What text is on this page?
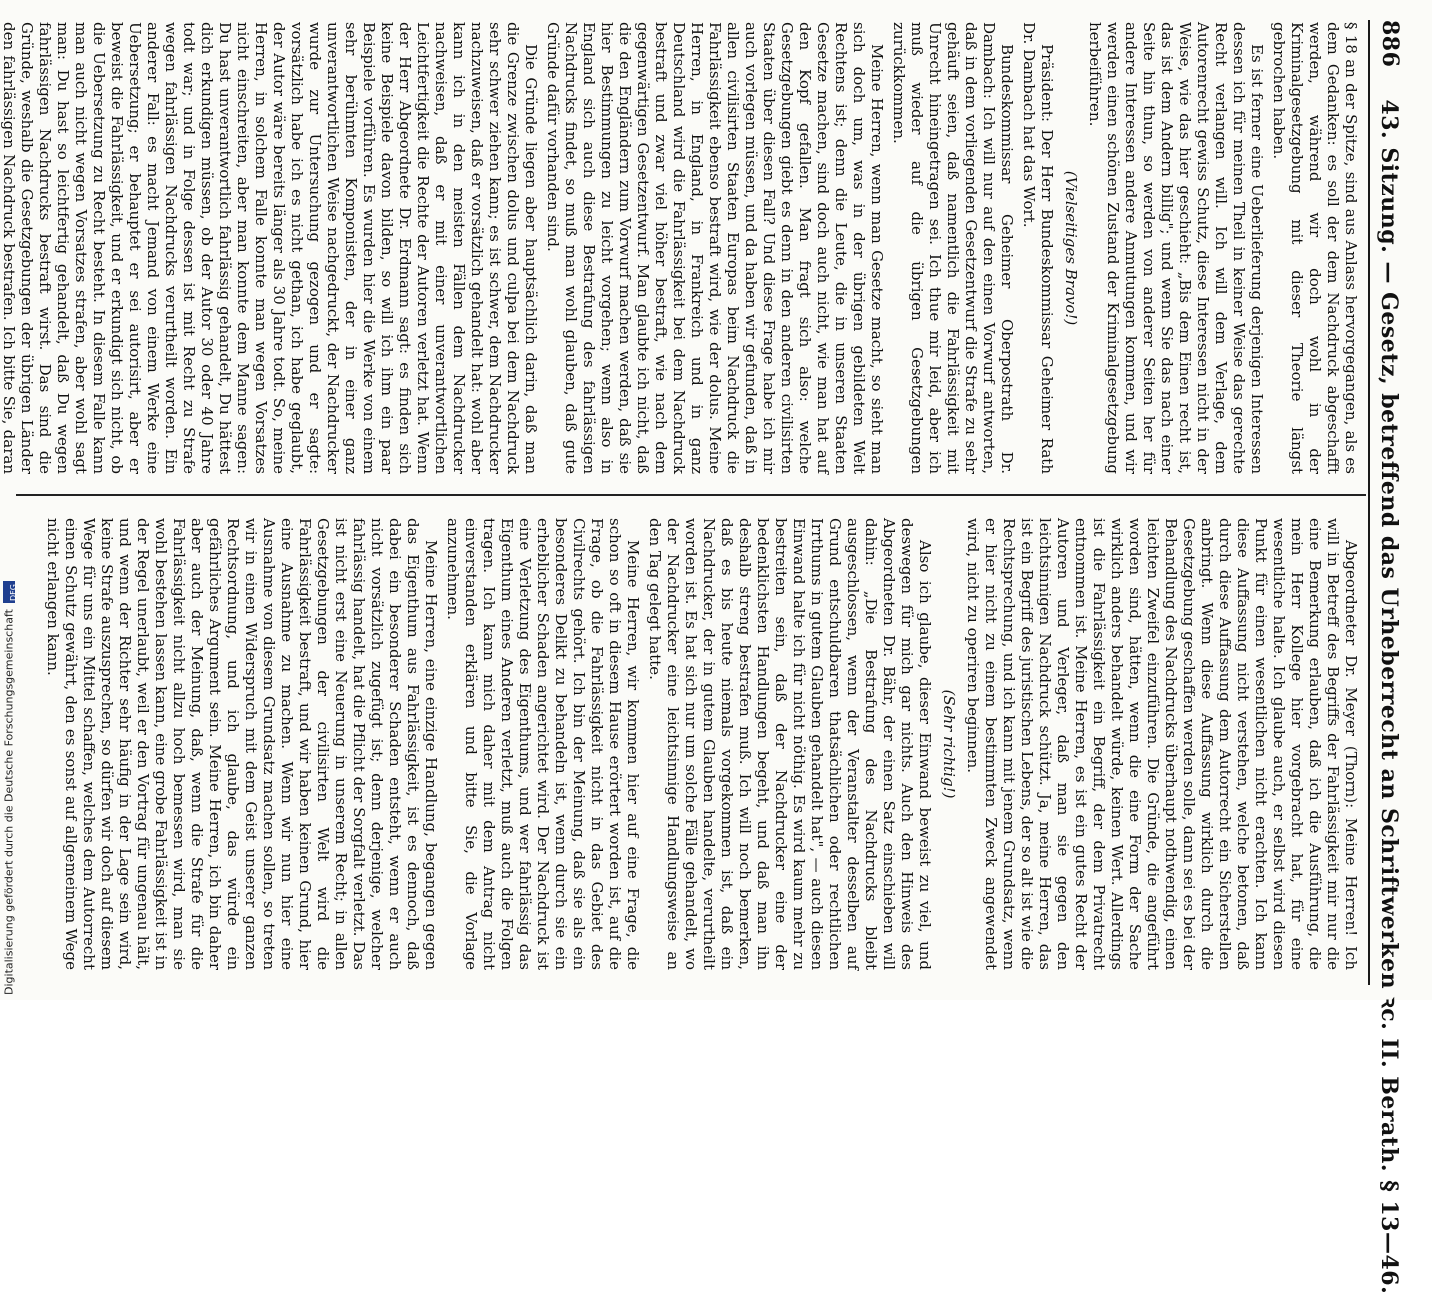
886
43. Sitzung. — Gesetz, betreffend das Urheberrecht an Schriftwerken ꝛc. II. Berath. § 13—46.

§ 18 an der Spitze, sind aus Anlass hervorgegangen, als es dem Gedanken: es soll der dem Nachdruck abgeschafft werden, während wir doch wohl in der Kriminalgesetzgebung mit dieser Theorie längst gebrochen haben.

Es ist ferner eine Ueberlieferung derjenigen Interessen dessen ich für meinen Theil in keiner Weise das gerechte Recht verlangen will. Ich will dem Verlage, dem Autorenrecht gewiss Schutz, diese Interessen nicht in der Weise, wie das hier geschieht: „Bis dem Einen recht ist, das ist dem Andern billig"; und wenn Sie das nach einer Seite hin thun, so werden von anderer Seiten her für andere Interessen andere Anmutungen kommen, und wir werden einen schönen Zustand der Kriminalgesetzgebung herbeiführen.

(Vielseitiges Bravo!)

Präsident: Der Herr Bundeskommissar Geheimer Rath Dr. Dambach hat das Wort.

Bundeskommissar Geheimer Oberpostrath Dr. Dambach: Ich will nur auf den einen Vorwurf antworten, daß in dem vorliegenden Gesetzentwurf die Strafe zu sehr gehäuft seien, daß namentlich die Fahrlässigkeit mit Unrecht hineingetragen sei. Ich thue mir leid, aber ich muß wieder auf die übrigen Gesetzgebungen zurückkommen.

Meine Herren, wenn man Gesetze macht, so sieht man sich doch um, was in der übrigen gebildeten Welt Rechtens ist; denn die Leute, die in unseren Staaten Gesetze machen, sind doch auch nicht, wie man hat auf den Kopf gefallen. Man fragt sich also: welche Gesetzgebungen giebt es denn in den anderen civilisirten Staaten über diesen Fall? Und diese Frage habe ich mir auch vorlegen müssen, und da haben wir gefunden, daß in allen civilisirten Staaten Europas beim Nachdruck die Fahrlässigkeit ebenso bestraft wird, wie der dolus. Meine Herren, in England, in Frankreich und in ganz Deutschland wird die Fahrlässigkeit bei dem Nachdruck bestraft und zwar viel höher bestraft, wie nach dem gegenwärtigen Gesetzentwurf. Man glaubte ich nicht, daß die den Engländern zum Vorwurf machen werden, daß sie hier Bestimmungen zu leicht vorgehen; wenn also in England sich auch diese Bestrafung des fahrlässigen Nachdrucks findet, so muß man wohl glauben, daß gute Gründe dafür vorhanden sind.

Die Gründe liegen aber hauptsächlich darin, daß man die Grenze zwischen dolus und culpa bei dem Nachdruck sehr schwer ziehen kann; es ist schwer, dem Nachdrucker nachzuweisen, daß er vorsätzlich gehandelt hat: wohl aber kann ich in den meisten Fällen dem Nachdrucker nachweisen, daß er mit einer unverantwortlichen Leichtfertigkeit die Rechte der Autoren verletzt hat. Wenn der Herr Abgeordnete Dr. Erdmann sagt: es finden sich keine Beispiele davon bilden, so will ich ihm ein paar Beispiele vorführen. Es wurden hier die Werke von einem sehr berühmten Komponisten, der in einer ganz unverantwortlichen Weise nachgedruckt, der Nachdrucker wurde zur Untersuchung gezogen und er sagte: vorsätzlich habe ich es nicht gethan, ich habe geglaubt, der Autor wäre bereits länger als 30 Jahre todt. So, meine Herren, in solchem Falle konnte man wegen Vorsatzes nicht einschreiten, aber man konnte dem Manne sagen: Du hast unverantwortlich fahrlässig gehandelt, Du hättest dich erkundigen müssen, ob der Autor 30 oder 40 Jahre todt war; und in Folge dessen ist mit Recht zu Strafe wegen fahrlässigen Nachdrucks verurtheilt worden. Ein anderer Fall: es macht Jemand von einem Werke eine Uebersetzung; er behauptet er sei autorisirt, aber er beweist die Fahrlässigkeit, und er erkundigt sich nicht, ob die Uebersetzung zu Recht besteht. In diesem Falle kann man auch nicht wegen Vorsatzes strafen, aber wohl sagt man: Du hast so leichtfertig gehandelt, daß Du wegen fahrlässigen Nachdrucks bestraft wirst. Das sind die Gründe, weshalb die Gesetzgebungen der übrigen Länder den fahrlässigen Nachdruck bestrafen. Ich bitte Sie, daran

Abgeordneter Dr. Meyer (Thorn): Meine Herren! Ich will in Betreff des Begriffs der Fahrlässigkeit mir nur die eine Bemerkung erlauben, daß ich die Ausführung, die mein Herr Kollege hier vorgebracht hat, für eine wesentliche halte. Ich glaube auch, er selbst wird diesen Punkt für einen wesentlichen nicht erachten. Ich kann diese Auffassung nicht verstehen, welche betonen, daß durch diese Auffassung dem Autorrecht ein Sicherstellen anbringt. Wenn diese Auffassung wirklich durch die Gesetzgebung geschaffen werden solle, dann sei es bei der Behandlung des Nachdrucks überhaupt nothwendig, einen leichten Zweifel einzuführen. Die Gründe, die angeführt worden sind, hätten, wenn die eine Form der Sache wirklich anders behandelt würde, keinen Wert. Allerdings ist die Fahrlässigkeit ein Begriff, der dem Privatrecht entnommen ist. Meine Herren, es ist ein gutes Recht der Autoren und Verleger, daß man sie gegen den leichtsinnigen Nachdruck schützt. Ja, meine Herren, das ist ein Begriff des juristischen Lebens, der so alt ist wie die Rechtsprechung, und ich kann mit jenem Grundsatz, wenn er hier nicht zu einem bestimmten Zweck angewendet wird, nicht zu operiren beginnen.

(Sehr richtig!)

Also ich glaube, dieser Einwand beweist zu viel, und deswegen für mich gar nichts. Auch den Hinweis des Abgeordneten Dr. Bähr, der einen Satz einschieben will dahin: „Die Bestrafung des Nachdrucks bleibt ausgeschlossen, wenn der Veranstalter desselben auf Grund entschuldbaren thatsächlichen oder rechtlichen Irrthums in gutem Glauben gehandelt hat", — auch diesen Einwand halte ich für nicht nöthig. Es wird kaum mehr zu bestreiten sein, daß der Nachdrucker eine der bedenklichsten Handlungen begeht, und daß man ihn deshalb streng bestrafen muß. Ich will noch bemerken, daß es bis heute niemals vorgekommen ist, daß ein Nachdrucker, der in gutem Glauben handelte, verurtheilt worden ist. Es hat sich nur um solche Fälle gehandelt, wo der Nachdrucker eine leichtsinnige Handlungsweise an den Tag gelegt hatte.

Meine Herren, wir kommen hier auf eine Frage, die schon so oft in diesem Hause erörtert worden ist, auf die Frage, ob die Fahrlässigkeit nicht in das Gebiet des Civilrechts gehört. Ich bin der Meinung, daß sie als ein besonderes Delikt zu behandeln ist, wenn durch sie ein erheblicher Schaden angerichtet wird. Der Nachdruck ist eine Verletzung des Eigenthums, und wer fahrlässig das Eigenthum eines Anderen verletzt, muß auch die Folgen tragen. Ich kann mich daher mit dem Antrag nicht einverstanden erklären und bitte Sie, die Vorlage anzunehmen.

Meine Herren, eine einzige Handlung, begangen gegen das Eigenthum aus Fahrlässigkeit, ist es dennoch, daß dabei ein besonderer Schaden entsteht, wenn er auch nicht vorsätzlich zugefügt ist; denn derjenige, welcher fahrlässig handelt, hat die Pflicht der Sorgfalt verletzt. Das ist nicht erst eine Neuerung in unserem Recht; in allen Gesetzgebungen der civilisirten Welt wird die Fahrlässigkeit bestraft, und wir haben keinen Grund, hier eine Ausnahme zu machen. Wenn wir nun hier eine Ausnahme von diesem Grundsatz machen sollen, so treten wir in einen Widerspruch mit dem Geist unserer ganzen Rechtsordnung, und ich glaube, das würde ein gefährliches Argument sein. Meine Herren, ich bin daher aber auch der Meinung, daß, wenn die Strafe für die Fahrlässigkeit nicht allzu hoch bemessen wird, man sie wohl bestehen lassen kann, eine grobe Fahrlässigkeit ist in der Regel unerlaubt, weil er den Vortrag für ungenau hält, und wenn der Richter sehr häufig in der Lage sein wird, keine Strafe auszusprechen, so dürfen wir doch auf diesem Wege für uns ein Mittel schaffen, welches dem Autorrecht einen Schutz gewährt, den es sonst auf allgemeinem Wege nicht erlangen kann.

Digitalisierung gefördert durch die Deutsche Forschungsgemeinschaft
DFG
